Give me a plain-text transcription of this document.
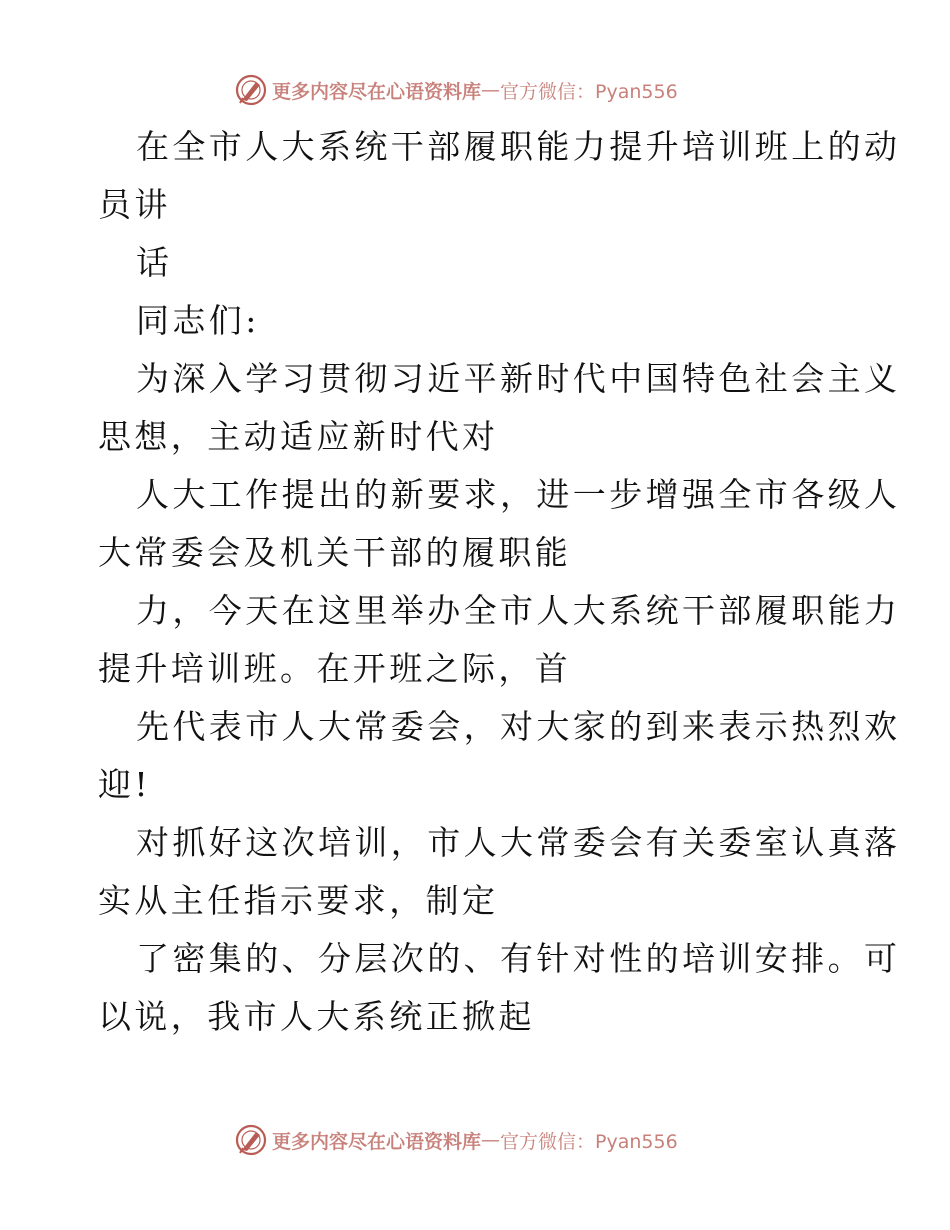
更多内容尽在心语资料库 — 官方微信：Pyan556
在全市人大系统干部履职能力提升培训班上的动
员讲
话
同志们:
为深入学习贯彻习近平新时代中国特色社会主义
思想，主动适应新时代对
人大工作提出的新要求，进一步增强全市各级人
大常委会及机关干部的履职能
力，今天在这里举办全市人大系统干部履职能力
提升培训班。在开班之际，首
先代表市人大常委会，对大家的到来表示热烈欢
迎!
对抓好这次培训，市人大常委会有关委室认真落
实从主任指示要求，制定
了密集的、分层次的、有针对性的培训安排。可
以说，我市人大系统正掀起
更多内容尽在心语资料库 — 官方微信：Pyan556
